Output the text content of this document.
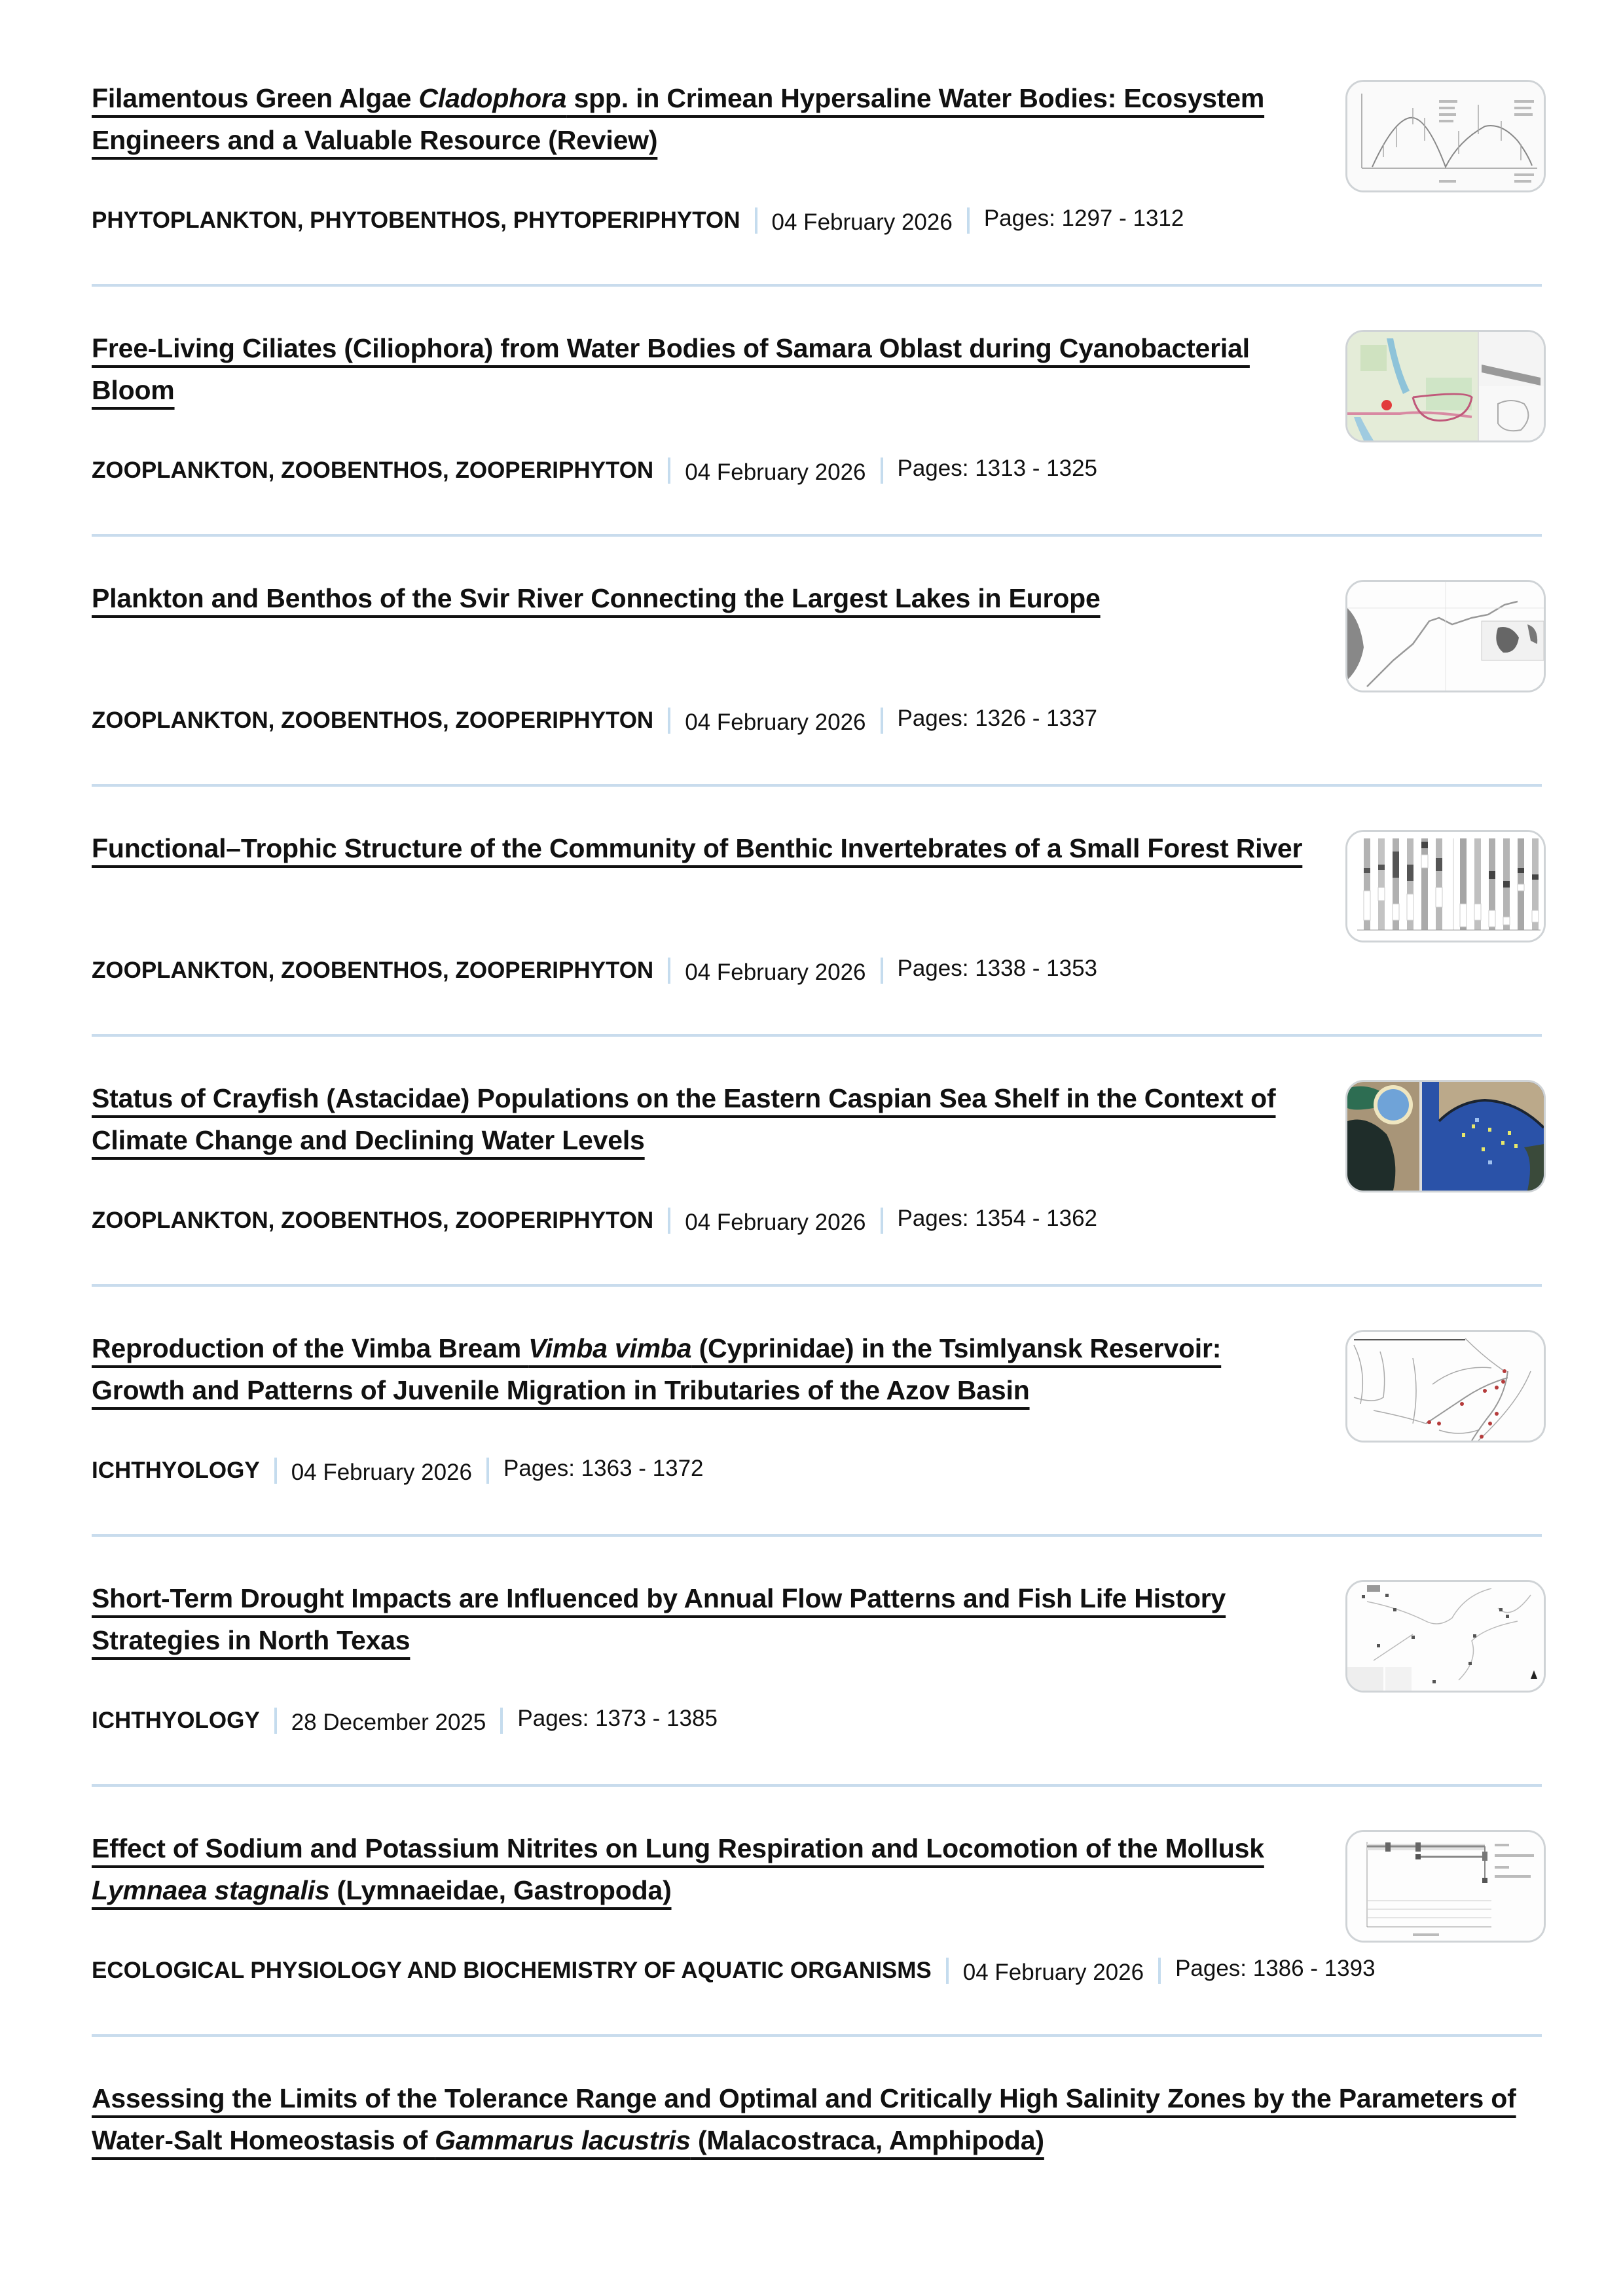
Filamentous Green Algae Cladophora spp. in Crimean Hypersaline Water Bodies: Ecosystem Engineers and a Valuable Resource (Review)
PHYTOPLANKTON, PHYTOBENTHOS, PHYTOPERIPHYTON 04 February 2026 Pages: 1297 - 1312
Free-Living Ciliates (Ciliophora) from Water Bodies of Samara Oblast during Cyanobacterial Bloom
ZOOPLANKTON, ZOOBENTHOS, ZOOPERIPHYTON 04 February 2026 Pages: 1313 - 1325
Plankton and Benthos of the Svir River Connecting the Largest Lakes in Europe
ZOOPLANKTON, ZOOBENTHOS, ZOOPERIPHYTON 04 February 2026 Pages: 1326 - 1337
Functional–Trophic Structure of the Community of Benthic Invertebrates of a Small Forest River
ZOOPLANKTON, ZOOBENTHOS, ZOOPERIPHYTON 04 February 2026 Pages: 1338 - 1353
Status of Crayfish (Astacidae) Populations on the Eastern Caspian Sea Shelf in the Context of Climate Change and Declining Water Levels
ZOOPLANKTON, ZOOBENTHOS, ZOOPERIPHYTON 04 February 2026 Pages: 1354 - 1362
Reproduction of the Vimba Bream Vimba vimba (Cyprinidae) in the Tsimlyansk Reservoir: Growth and Patterns of Juvenile Migration in Tributaries of the Azov Basin
ICHTHYOLOGY 04 February 2026 Pages: 1363 - 1372
Short-Term Drought Impacts are Influenced by Annual Flow Patterns and Fish Life History Strategies in North Texas
ICHTHYOLOGY 28 December 2025 Pages: 1373 - 1385
Effect of Sodium and Potassium Nitrites on Lung Respiration and Locomotion of the Mollusk Lymnaea stagnalis (Lymnaeidae, Gastropoda)
ECOLOGICAL PHYSIOLOGY AND BIOCHEMISTRY OF AQUATIC ORGANISMS 04 February 2026 Pages: 1386 - 1393
Assessing the Limits of the Tolerance Range and Optimal and Critically High Salinity Zones by the Parameters of Water-Salt Homeostasis of Gammarus lacustris (Malacostraca, Amphipoda)
